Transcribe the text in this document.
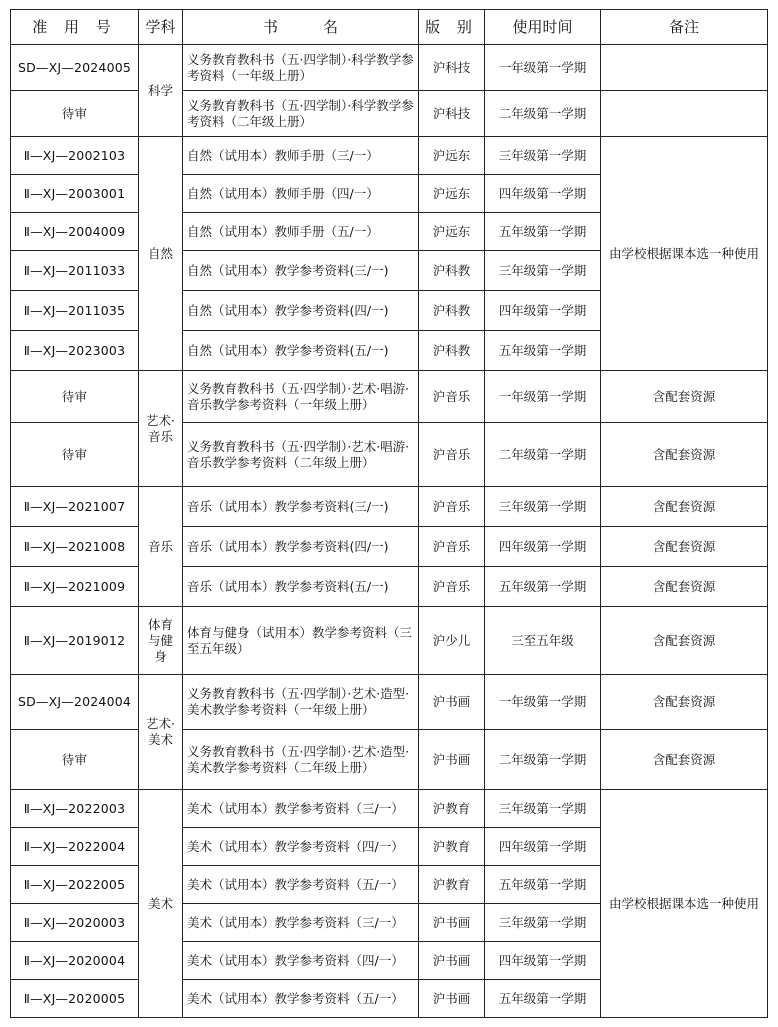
准 用 号	学科	书　　　名	版 别	使用时间	备注
SD—XJ—2024005	科学	义务教育教科书（五·四学制）·科学教学参考资料（一年级上册）	沪科技	一年级第一学期	
待审		义务教育教科书（五·四学制）·科学教学参考资料（二年级上册）	沪科技	二年级第一学期	
Ⅱ—XJ—2002103	自然	自然（试用本）教师手册（三/一）	沪远东	三年级第一学期	由学校根据课本选一种使用
Ⅱ—XJ—2003001		自然（试用本）教师手册（四/一）	沪远东	四年级第一学期	
Ⅱ—XJ—2004009		自然（试用本）教师手册（五/一）	沪远东	五年级第一学期	
Ⅱ—XJ—2011033		自然（试用本）教学参考资料(三/一)	沪科教	三年级第一学期	
Ⅱ—XJ—2011035		自然（试用本）教学参考资料(四/一)	沪科教	四年级第一学期	
Ⅱ—XJ—2023003		自然（试用本）教学参考资料(五/一)	沪科教	五年级第一学期	
待审	艺术·音乐	义务教育教科书（五·四学制）·艺术·唱游·音乐教学参考资料（一年级上册）	沪音乐	一年级第一学期	含配套资源
待审		义务教育教科书（五·四学制）·艺术·唱游·音乐教学参考资料（二年级上册）	沪音乐	二年级第一学期	含配套资源
Ⅱ—XJ—2021007	音乐	音乐（试用本）教学参考资料(三/一)	沪音乐	三年级第一学期	含配套资源
Ⅱ—XJ—2021008		音乐（试用本）教学参考资料(四/一)	沪音乐	四年级第一学期	含配套资源
Ⅱ—XJ—2021009		音乐（试用本）教学参考资料(五/一)	沪音乐	五年级第一学期	含配套资源
Ⅱ—XJ—2019012	体育与健身	体育与健身（试用本）教学参考资料（三至五年级）	沪少儿	三至五年级	含配套资源
SD—XJ—2024004	艺术·美术	义务教育教科书（五·四学制）·艺术·造型·美术教学参考资料（一年级上册）	沪书画	一年级第一学期	含配套资源
待审		义务教育教科书（五·四学制）·艺术·造型·美术教学参考资料（二年级上册）	沪书画	二年级第一学期	含配套资源
Ⅱ—XJ—2022003	美术	美术（试用本）教学参考资料（三/一）	沪教育	三年级第一学期	由学校根据课本选一种使用
Ⅱ—XJ—2022004		美术（试用本）教学参考资料（四/一）	沪教育	四年级第一学期	
Ⅱ—XJ—2022005		美术（试用本）教学参考资料（五/一）	沪教育	五年级第一学期	
Ⅱ—XJ—2020003		美术（试用本）教学参考资料（三/一）	沪书画	三年级第一学期	
Ⅱ—XJ—2020004		美术（试用本）教学参考资料（四/一）	沪书画	四年级第一学期	
Ⅱ—XJ—2020005		美术（试用本）教学参考资料（五/一）	沪书画	五年级第一学期	
